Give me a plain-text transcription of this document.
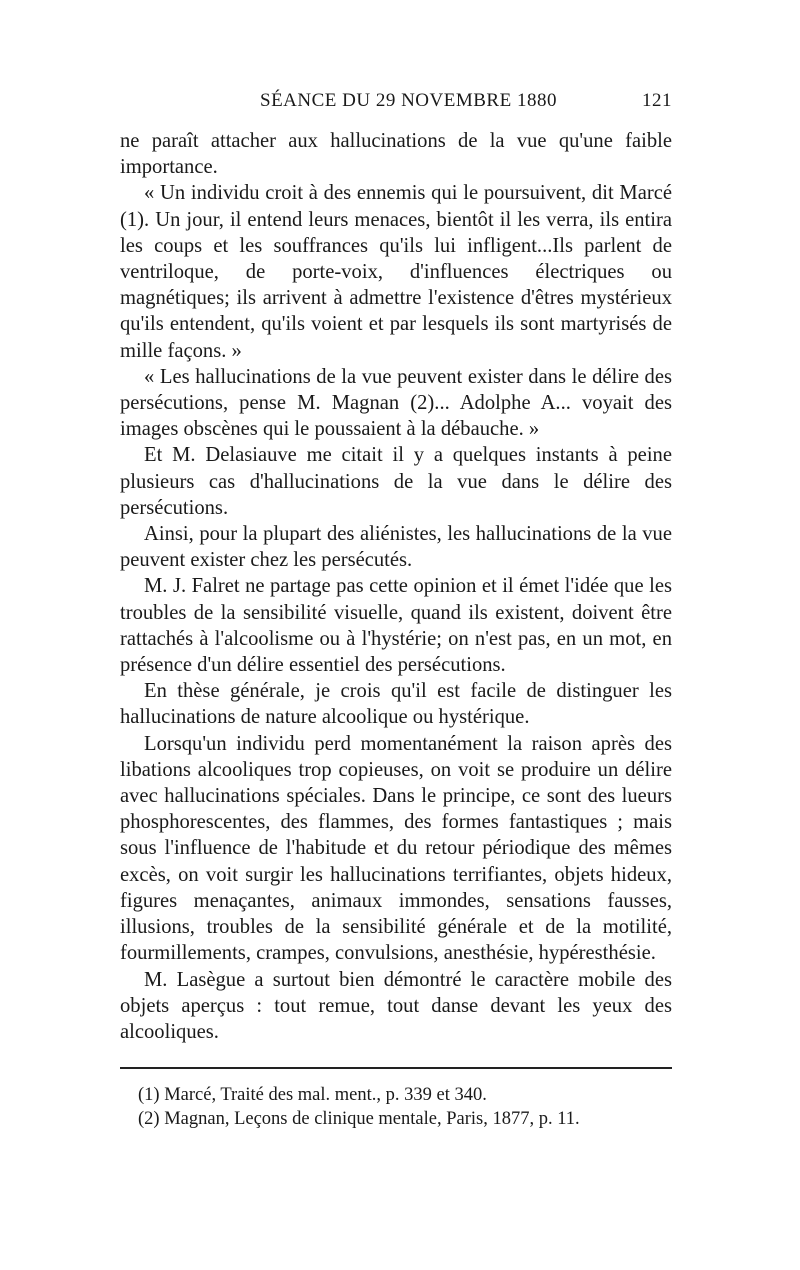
SÉANCE DU 29 NOVEMBRE 1880	121

ne paraît attacher aux hallucinations de la vue qu'une faible importance.

« Un individu croit à des ennemis qui le poursuivent, dit Marcé (1). Un jour, il entend leurs menaces, bientôt il les verra, ils entira les coups et les souffrances qu'ils lui infligent...Ils parlent de ventriloque, de porte-voix, d'influences électriques ou magnétiques; ils arrivent à admettre l'existence d'êtres mystérieux qu'ils entendent, qu'ils voient et par lesquels ils sont martyrisés de mille façons. »

« Les hallucinations de la vue peuvent exister dans le délire des persécutions, pense M. Magnan (2)... Adolphe A... voyait des images obscènes qui le poussaient à la débauche. »

Et M. Delasiauve me citait il y a quelques instants à peine plusieurs cas d'hallucinations de la vue dans le délire des persécutions.

Ainsi, pour la plupart des aliénistes, les hallucinations de la vue peuvent exister chez les persécutés.

M. J. Falret ne partage pas cette opinion et il émet l'idée que les troubles de la sensibilité visuelle, quand ils existent, doivent être rattachés à l'alcoolisme ou à l'hystérie; on n'est pas, en un mot, en présence d'un délire essentiel des persécutions.

En thèse générale, je crois qu'il est facile de distinguer les hallucinations de nature alcoolique ou hystérique.

Lorsqu'un individu perd momentanément la raison après des libations alcooliques trop copieuses, on voit se produire un délire avec hallucinations spéciales. Dans le principe, ce sont des lueurs phosphorescentes, des flammes, des formes fantastiques ; mais sous l'influence de l'habitude et du retour périodique des mêmes excès, on voit surgir les hallucinations terrifiantes, objets hideux, figures menaçantes, animaux immondes, sensations fausses, illusions, troubles de la sensibilité générale et de la motilité, fourmillements, crampes, convulsions, anesthésie, hypéresthésie.

M. Lasègue a surtout bien démontré le caractère mobile des objets aperçus : tout remue, tout danse devant les yeux des alcooliques.

(1) Marcé, Traité des mal. ment., p. 339 et 340.

(2) Magnan, Leçons de clinique mentale, Paris, 1877, p. 11.
